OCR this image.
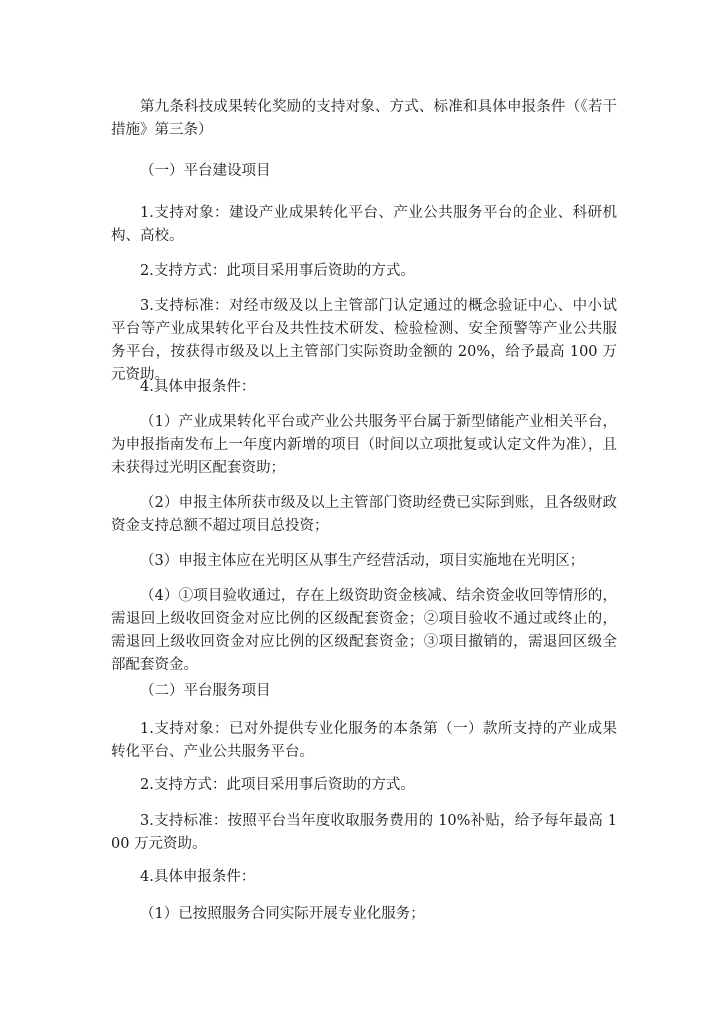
第九条科技成果转化奖励的支持对象、方式、标准和具体申报条件（《若干措施》第三条）

（一）平台建设项目

1.支持对象：建设产业成果转化平台、产业公共服务平台的企业、科研机构、高校。

2.支持方式：此项目采用事后资助的方式。

3.支持标准：对经市级及以上主管部门认定通过的概念验证中心、中小试平台等产业成果转化平台及共性技术研发、检验检测、安全预警等产业公共服务平台，按获得市级及以上主管部门实际资助金额的 20%，给予最高 100 万元资助。

4.具体申报条件：

（1）产业成果转化平台或产业公共服务平台属于新型储能产业相关平台，为申报指南发布上一年度内新增的项目（时间以立项批复或认定文件为准），且未获得过光明区配套资助；

（2）申报主体所获市级及以上主管部门资助经费已实际到账，且各级财政资金支持总额不超过项目总投资；

（3）申报主体应在光明区从事生产经营活动，项目实施地在光明区；

（4）①项目验收通过，存在上级资助资金核减、结余资金收回等情形的，需退回上级收回资金对应比例的区级配套资金；②项目验收不通过或终止的，需退回上级收回资金对应比例的区级配套资金；③项目撤销的，需退回区级全部配套资金。

（二）平台服务项目

1.支持对象：已对外提供专业化服务的本条第（一）款所支持的产业成果转化平台、产业公共服务平台。

2.支持方式：此项目采用事后资助的方式。

3.支持标准：按照平台当年度收取服务费用的 10%补贴，给予每年最高 100 万元资助。

4.具体申报条件：

（1）已按照服务合同实际开展专业化服务；
